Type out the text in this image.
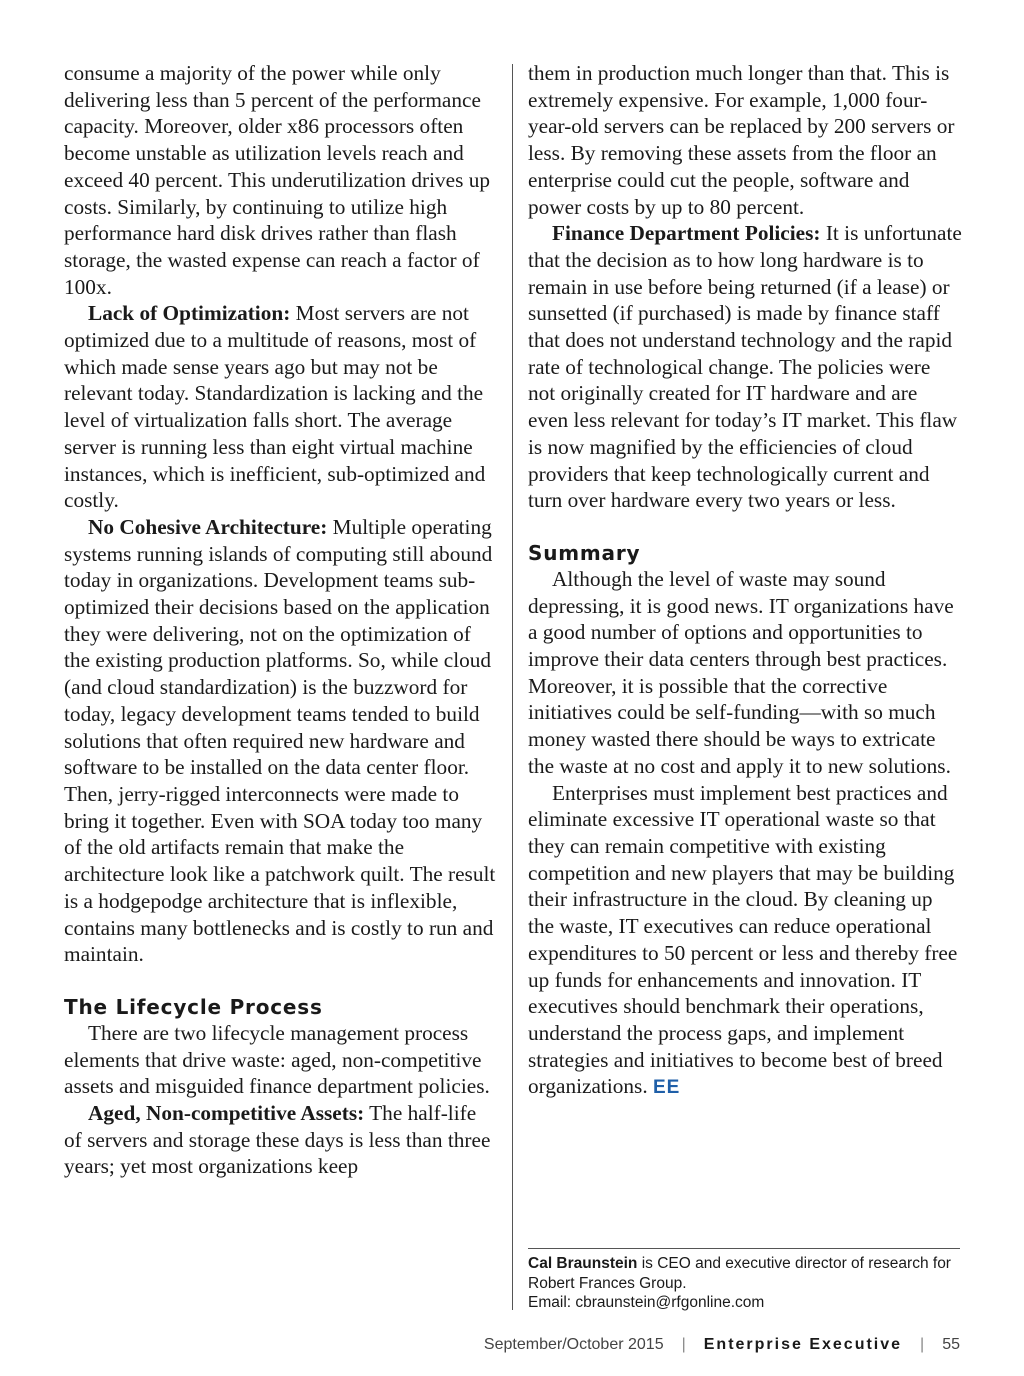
consume a majority of the power while only delivering less than 5 percent of the performance capacity. Moreover, older x86 processors often become unstable as utilization levels reach and exceed 40 percent. This underutilization drives up costs. Similarly, by continuing to utilize high performance hard disk drives rather than flash storage, the wasted expense can reach a factor of 100x.

Lack of Optimization: Most servers are not optimized due to a multitude of reasons, most of which made sense years ago but may not be relevant today. Standardization is lacking and the level of virtualization falls short. The average server is running less than eight virtual machine instances, which is inefficient, sub-optimized and costly.

No Cohesive Architecture: Multiple operating systems running islands of computing still abound today in organizations. Development teams sub-optimized their decisions based on the application they were delivering, not on the optimization of the existing production platforms. So, while cloud (and cloud standardization) is the buzzword for today, legacy development teams tended to build solutions that often required new hardware and software to be installed on the data center floor. Then, jerry-rigged interconnects were made to bring it together. Even with SOA today too many of the old artifacts remain that make the architecture look like a patchwork quilt. The result is a hodgepodge architecture that is inflexible, contains many bottlenecks and is costly to run and maintain.

The Lifecycle Process

There are two lifecycle management process elements that drive waste: aged, non-competitive assets and misguided finance department policies.

Aged, Non-competitive Assets: The half-life of servers and storage these days is less than three years; yet most organizations keep

them in production much longer than that. This is extremely expensive. For example, 1,000 four-year-old servers can be replaced by 200 servers or less. By removing these assets from the floor an enterprise could cut the people, software and power costs by up to 80 percent.

Finance Department Policies: It is unfortunate that the decision as to how long hardware is to remain in use before being returned (if a lease) or sunsetted (if purchased) is made by finance staff that does not understand technology and the rapid rate of technological change. The policies were not originally created for IT hardware and are even less relevant for today’s IT market. This flaw is now magnified by the efficiencies of cloud providers that keep technologically current and turn over hardware every two years or less.

Summary

Although the level of waste may sound depressing, it is good news. IT organizations have a good number of options and opportunities to improve their data centers through best practices. Moreover, it is possible that the corrective initiatives could be self-funding—with so much money wasted there should be ways to extricate the waste at no cost and apply it to new solutions.

Enterprises must implement best practices and eliminate excessive IT operational waste so that they can remain competitive with existing competition and new players that may be building their infrastructure in the cloud. By cleaning up the waste, IT executives can reduce operational expenditures to 50 percent or less and thereby free up funds for enhancements and innovation. IT executives should benchmark their operations, understand the process gaps, and implement strategies and initiatives to become best of breed organizations. EE

Cal Braunstein is CEO and executive director of research for Robert Frances Group.
Email: cbraunstein@rfgonline.com
September/October 2015 | Enterprise Executive | 55
